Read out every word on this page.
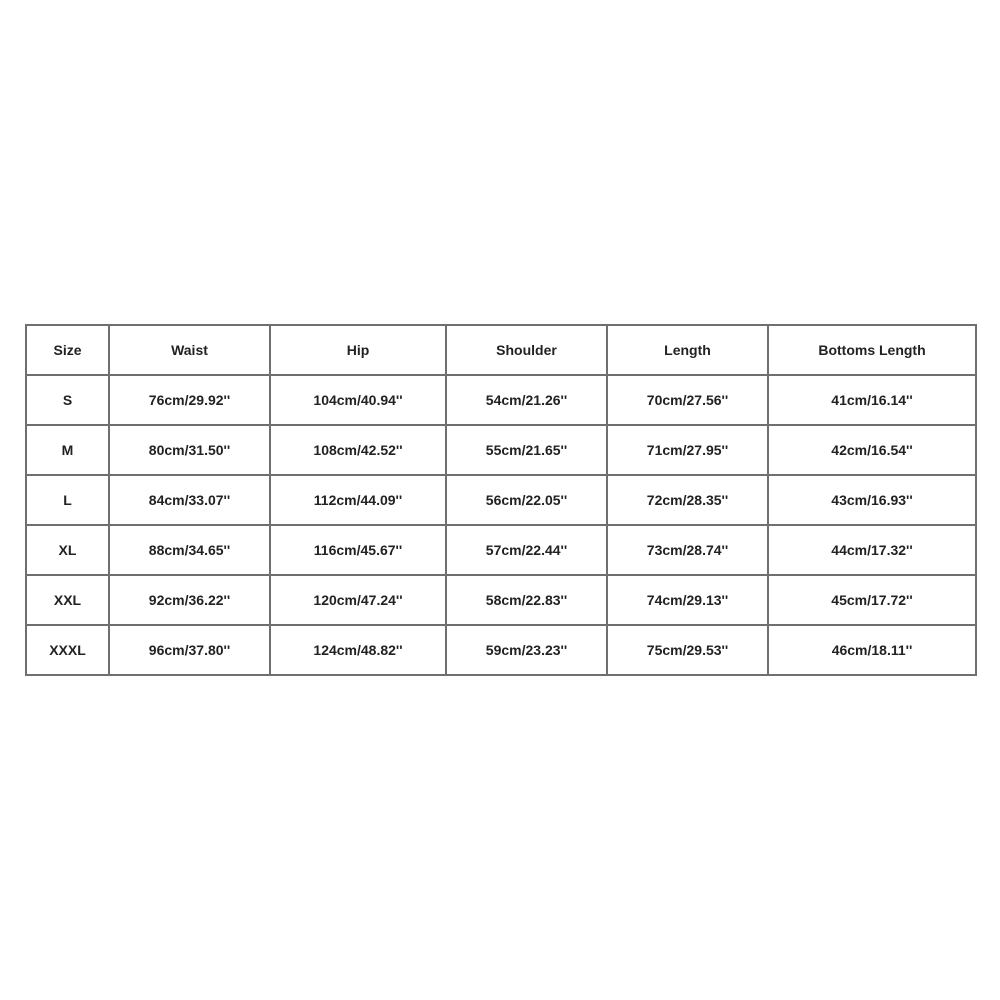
Size	Waist	Hip	Shoulder	Length	Bottoms Length
S	76cm/29.92''	104cm/40.94''	54cm/21.26''	70cm/27.56''	41cm/16.14''
M	80cm/31.50''	108cm/42.52''	55cm/21.65''	71cm/27.95''	42cm/16.54''
L	84cm/33.07''	112cm/44.09''	56cm/22.05''	72cm/28.35''	43cm/16.93''
XL	88cm/34.65''	116cm/45.67''	57cm/22.44''	73cm/28.74''	44cm/17.32''
XXL	92cm/36.22''	120cm/47.24''	58cm/22.83''	74cm/29.13''	45cm/17.72''
XXXL	96cm/37.80''	124cm/48.82''	59cm/23.23''	75cm/29.53''	46cm/18.11''
